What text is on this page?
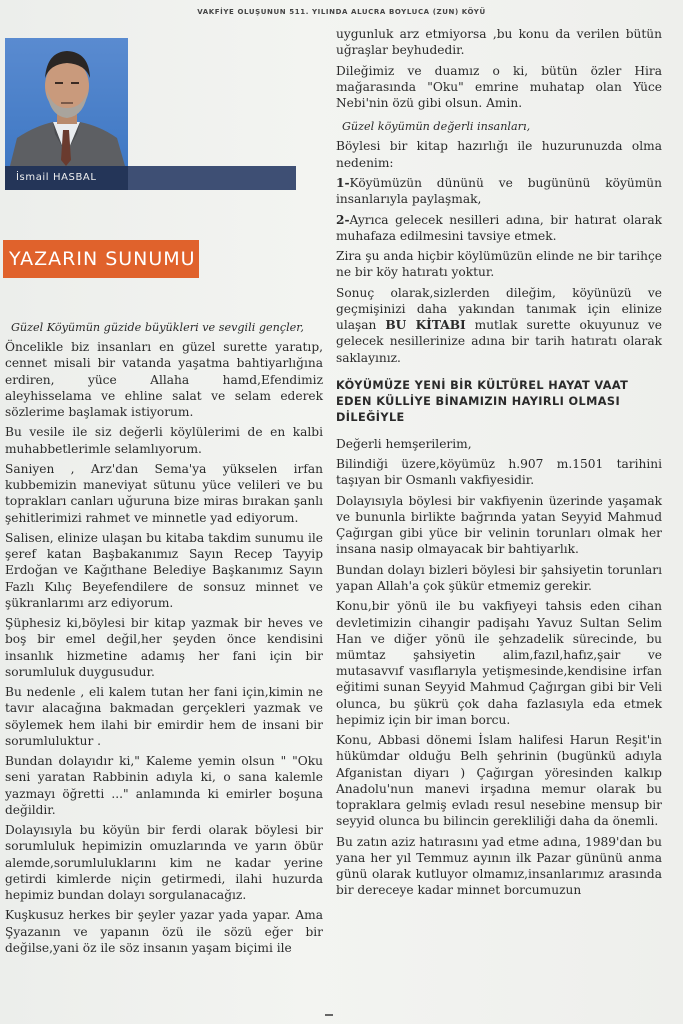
VAKFİYE OLUŞUNUN 511. YILINDA ALUCRA BOYLUCA (ZUN) KÖYÜ
İsmail HASBAL
YAZARIN SUNUMU

Güzel Köyümün güzide büyükleri ve sevgili gençler,

Öncelikle biz insanları en güzel surette yaratıp, cennet misali bir vatanda yaşatma bahtiyarlığına erdiren, yüce Allaha hamd,Efendimiz aleyhisselama ve ehline salat ve selam ederek sözlerime başlamak istiyorum.

Bu vesile ile siz değerli köylülerimi de en kalbi muhabbetlerimle selamlıyorum.

Saniyen , Arz'dan Sema'ya yükselen irfan kubbemizin maneviyat sütunu yüce velileri ve bu toprakları canları uğuruna bize miras bırakan şanlı şehitlerimizi rahmet ve minnetle yad ediyorum.

Salisen, elinize ulaşan bu kitaba takdim sunumu ile şeref katan Başbakanımız Sayın Recep Tayyip Erdoğan ve Kağıthane Belediye Başkanımız Sayın Fazlı Kılıç Beyefendilere de sonsuz minnet ve şükranlarımı arz ediyorum.

Şüphesiz ki,böylesi bir kitap yazmak bir heves ve boş bir emel değil,her şeyden önce kendisini insanlık hizmetine adamış her fani için bir sorumluluk duygusudur.

Bu nedenle , eli kalem tutan her fani için,kimin ne tavır alacağına bakmadan gerçekleri yazmak ve söylemek hem ilahi bir emirdir hem de insani bir sorumluluktur .

Bundan dolayıdır ki," Kaleme yemin olsun " "Oku seni yaratan Rabbinin adıyla ki, o sana kalemle yazmayı öğretti ..." anlamında ki emirler boşuna değildir.

Dolayısıyla bu köyün bir ferdi olarak böylesi bir sorumluluk hepimizin omuzlarında ve yarın öbür alemde,sorumluluklarını kim ne kadar yerine getirdi kimlerde niçin getirmedi, ilahi huzurda hepimiz bundan dolayı sorgulanacağız.

Kuşkusuz herkes bir şeyler yazar yada yapar. Ama Şyazanın ve yapanın özü ile sözü eğer bir değilse,yani öz ile söz insanın yaşam biçimi ile

uygunluk arz etmiyorsa ,bu konu da verilen bütün uğraşlar beyhudedir.

Dileğimiz ve duamız o ki, bütün özler Hira mağarasında "Oku" emrine muhatap olan Yüce Nebi'nin özü gibi olsun. Amin.

Güzel köyümün değerli insanları,

Böylesi bir kitap hazırlığı ile huzurunuzda olma nedenim:

1-Köyümüzün dününü ve bugününü köyümün insanlarıyla paylaşmak,

2-Ayrıca gelecek nesilleri adına, bir hatırat olarak muhafaza edilmesini tavsiye etmek.

Zira şu anda hiçbir köylümüzün elinde ne bir tarihçe ne bir köy hatıratı yoktur.

Sonuç olarak,sizlerden dileğim, köyünüzü ve geçmişinizi daha yakından tanımak için elinize ulaşan BU KİTABI mutlak surette okuyunuz ve gelecek nesillerinize adına bir tarih hatıratı olarak saklayınız.

KÖYÜMÜZE YENİ BİR KÜLTÜREL HAYAT VAAT EDEN KÜLLİYE BİNAMIZIN HAYIRLI OLMASI DİLEĞİYLE

Değerli hemşerilerim,

Bilindiği üzere,köyümüz h.907 m.1501 tarihini taşıyan bir Osmanlı vakfiyesidir.

Dolayısıyla böylesi bir vakfiyenin üzerinde yaşamak ve bununla birlikte bağrında yatan Seyyid Mahmud Çağırgan gibi yüce bir velinin torunları olmak her insana nasip olmayacak bir bahtiyarlık.

Bundan dolayı bizleri böylesi bir şahsiyetin torunları yapan Allah'a çok şükür etmemiz gerekir.

Konu,bir yönü ile bu vakfiyeyi tahsis eden cihan devletimizin cihangir padişahı Yavuz Sultan Selim Han ve diğer yönü ile şehzadelik sürecinde, bu mümtaz şahsiyetin alim,fazıl,hafız,şair ve mutasavvıf vasıflarıyla yetişmesinde,kendisine irfan eğitimi sunan Seyyid Mahmud Çağırgan gibi bir Veli olunca, bu şükrü çok daha fazlasıyla eda etmek hepimiz için bir iman borcu.

Konu, Abbasi dönemi İslam halifesi Harun Reşit'in hükümdar olduğu Belh şehrinin (bugünkü adıyla Afganistan diyarı ) Çağırgan yöresinden kalkıp Anadolu'nun manevi irşadına memur olarak bu topraklara gelmiş evladı resul nesebine mensup bir seyyid olunca bu bilincin gerekliliği daha da önemli.

Bu zatın aziz hatırasını yad etme adına, 1989'dan bu yana her yıl Temmuz ayının ilk Pazar gününü anma günü olarak kutluyor olmamız,insanlarımız arasında bir dereceye kadar minnet borcumuzun
